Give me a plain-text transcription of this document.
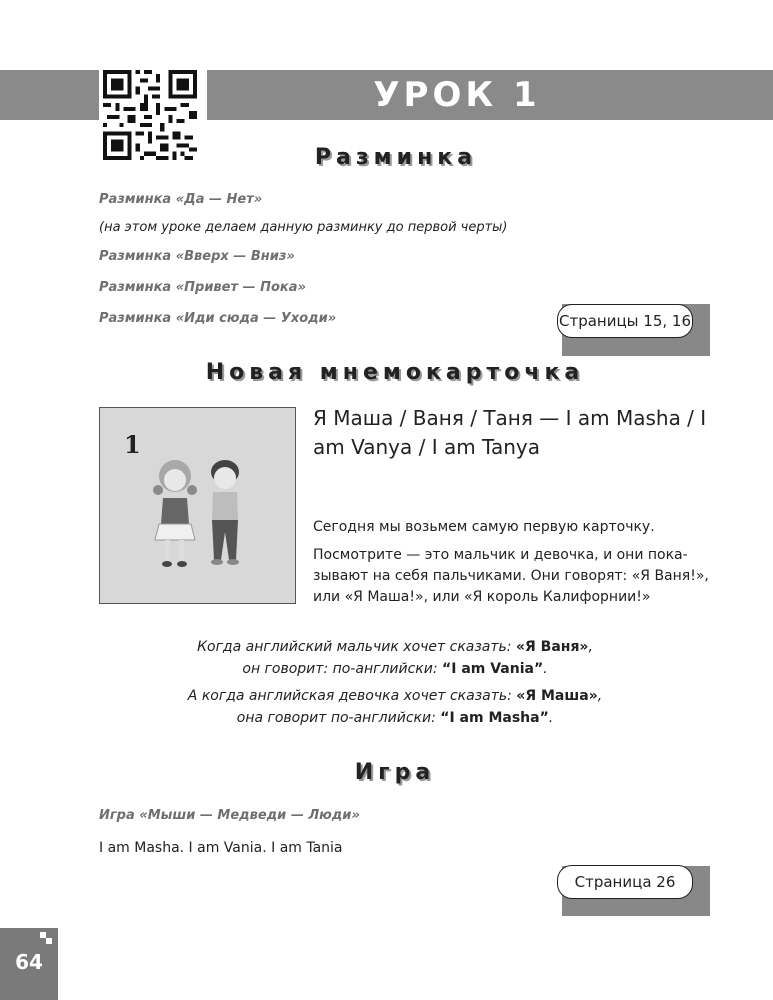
УРОК 1
Разминка
Разминка «Да — Нет»
(на этом уроке делаем данную разминку до первой черты)
Разминка «Вверх — Вниз»
Разминка «Привет — Пока»
Разминка «Иди сюда — Уходи»	Страницы 15, 16
Новая мнемокарточка
1
Я Маша / Ваня / Таня — I am Masha / I am Vanya / I am Tanya
Сегодня мы возьмем самую первую карточку.
Посмотрите — это мальчик и девочка, и они пока-зывают на себя пальчиками. Они говорят: «Я Ваня!», или «Я Маша!», или «Я король Калифорнии!»
Когда английский мальчик хочет сказать: «Я Ваня»,
он говорит: по-английски: “I am Vania”.
А когда английская девочка хочет сказать: «Я Маша»,
она говорит по-английски: “I am Masha”.
Игра
Игра «Мыши — Медведи — Люди»
I am Masha. I am Vania. I am Tania
Страница 26
64
